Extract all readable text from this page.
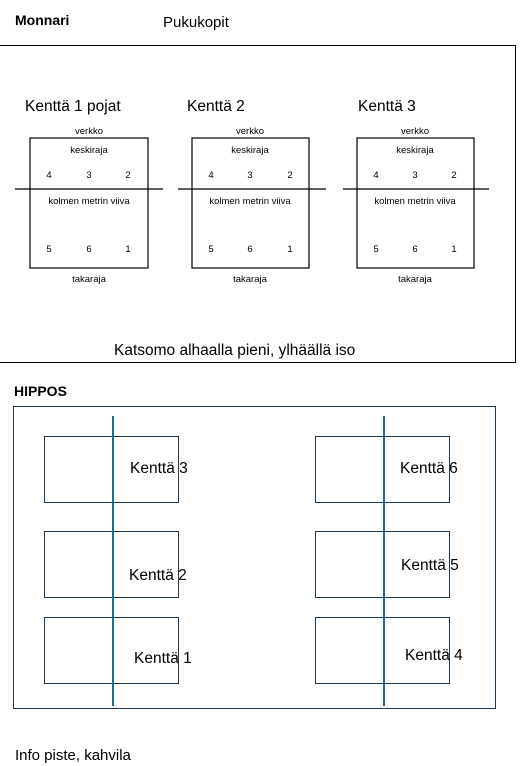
Monnari	Pukukopit
Kenttä 1 pojat	Kenttä 2	Kenttä 3
verkko
keskiraja
4	3	2
kolmen metrin viiva
5	6	1
takaraja
verkko
keskiraja
4	3	2
kolmen metrin viiva
5	6	1
takaraja
verkko
keskiraja
4	3	2
kolmen metrin viiva
5	6	1
takaraja
Katsomo alhaalla pieni, ylhäällä iso
HIPPOS
Kenttä 3
Kenttä 2
Kenttä 1
Kenttä 6
Kenttä 5
Kenttä 4
Info piste, kahvila
